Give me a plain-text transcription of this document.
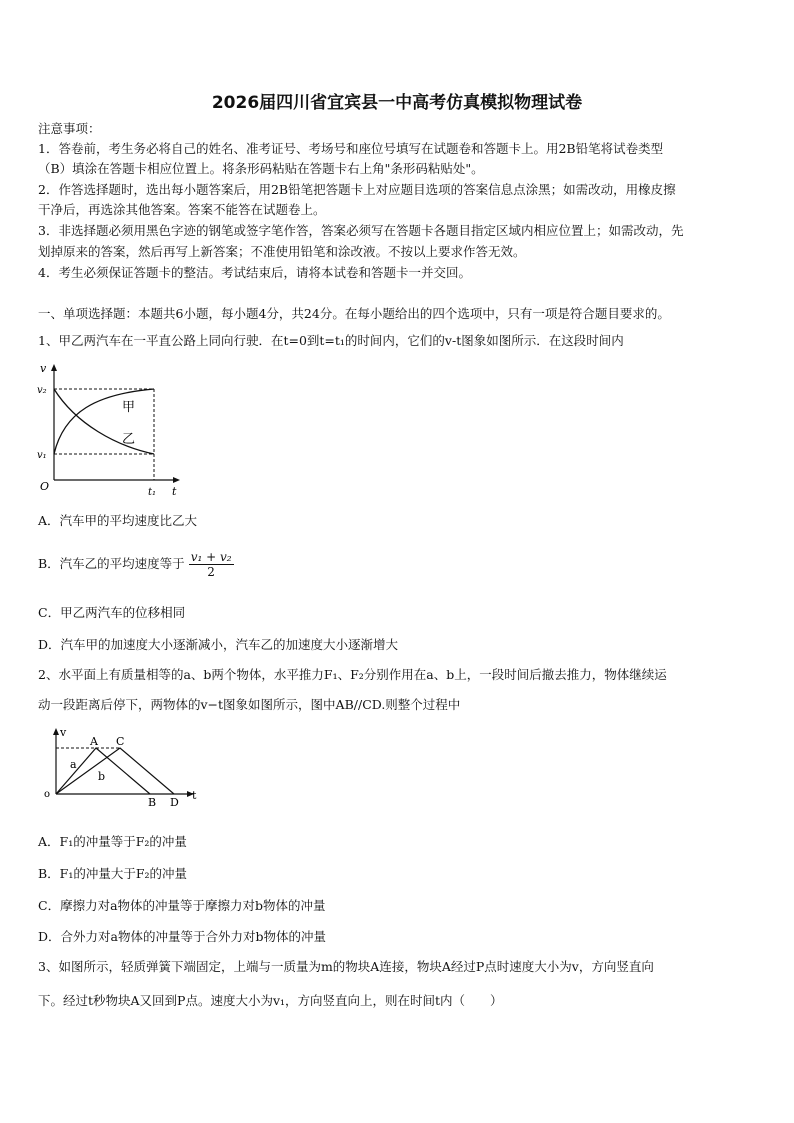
2026届四川省宜宾县一中高考仿真模拟物理试卷
注意事项：
1．答卷前，考生务必将自己的姓名、准考证号、考场号和座位号填写在试题卷和答题卡上。用2B铅笔将试卷类型
（B）填涂在答题卡相应位置上。将条形码粘贴在答题卡右上角"条形码粘贴处"。
2．作答选择题时，选出每小题答案后，用2B铅笔把答题卡上对应题目选项的答案信息点涂黑；如需改动，用橡皮擦
干净后，再选涂其他答案。答案不能答在试题卷上。
3．非选择题必须用黑色字迹的钢笔或签字笔作答，答案必须写在答题卡各题目指定区域内相应位置上；如需改动，先
划掉原来的答案，然后再写上新答案；不准使用铅笔和涂改液。不按以上要求作答无效。
4．考生必须保证答题卡的整洁。考试结束后，请将本试卷和答题卡一并交回。
一、单项选择题：本题共6小题，每小题4分，共24分。在每小题给出的四个选项中，只有一项是符合题目要求的。
1、甲乙两汽车在一平直公路上同向行驶．在t=0到t=t₁的时间内，它们的v-t图象如图所示．在这段时间内
v
v₂
v₁
O	t₁ t
甲
乙
A．汽车甲的平均速度比乙大
B．汽车乙的平均速度等于 $\frac{\text{v₁ + v₂}}{2}$
C．甲乙两汽车的位移相同
D．汽车甲的加速度大小逐渐减小，汽车乙的加速度大小逐渐增大
2、水平面上有质量相等的a、b两个物体，水平推力F₁、F₂分别作用在a、b上，一段时间后撤去推力，物体继续运
动一段距离后停下，两物体的v−t图象如图所示，图中AB//CD.则整个过程中
v
o	t
A C
B D
a
b
A．F₁的冲量等于F₂的冲量
B．F₁的冲量大于F₂的冲量
C．摩擦力对a物体的冲量等于摩擦力对b物体的冲量
D．合外力对a物体的冲量等于合外力对b物体的冲量
3、如图所示，轻质弹簧下端固定，上端与一质量为m的物块A连接，物块A经过P点时速度大小为v，方向竖直向
下。经过t秒物块A又回到P点。速度大小为v₁，方向竖直向上，则在时间t内（　　）
